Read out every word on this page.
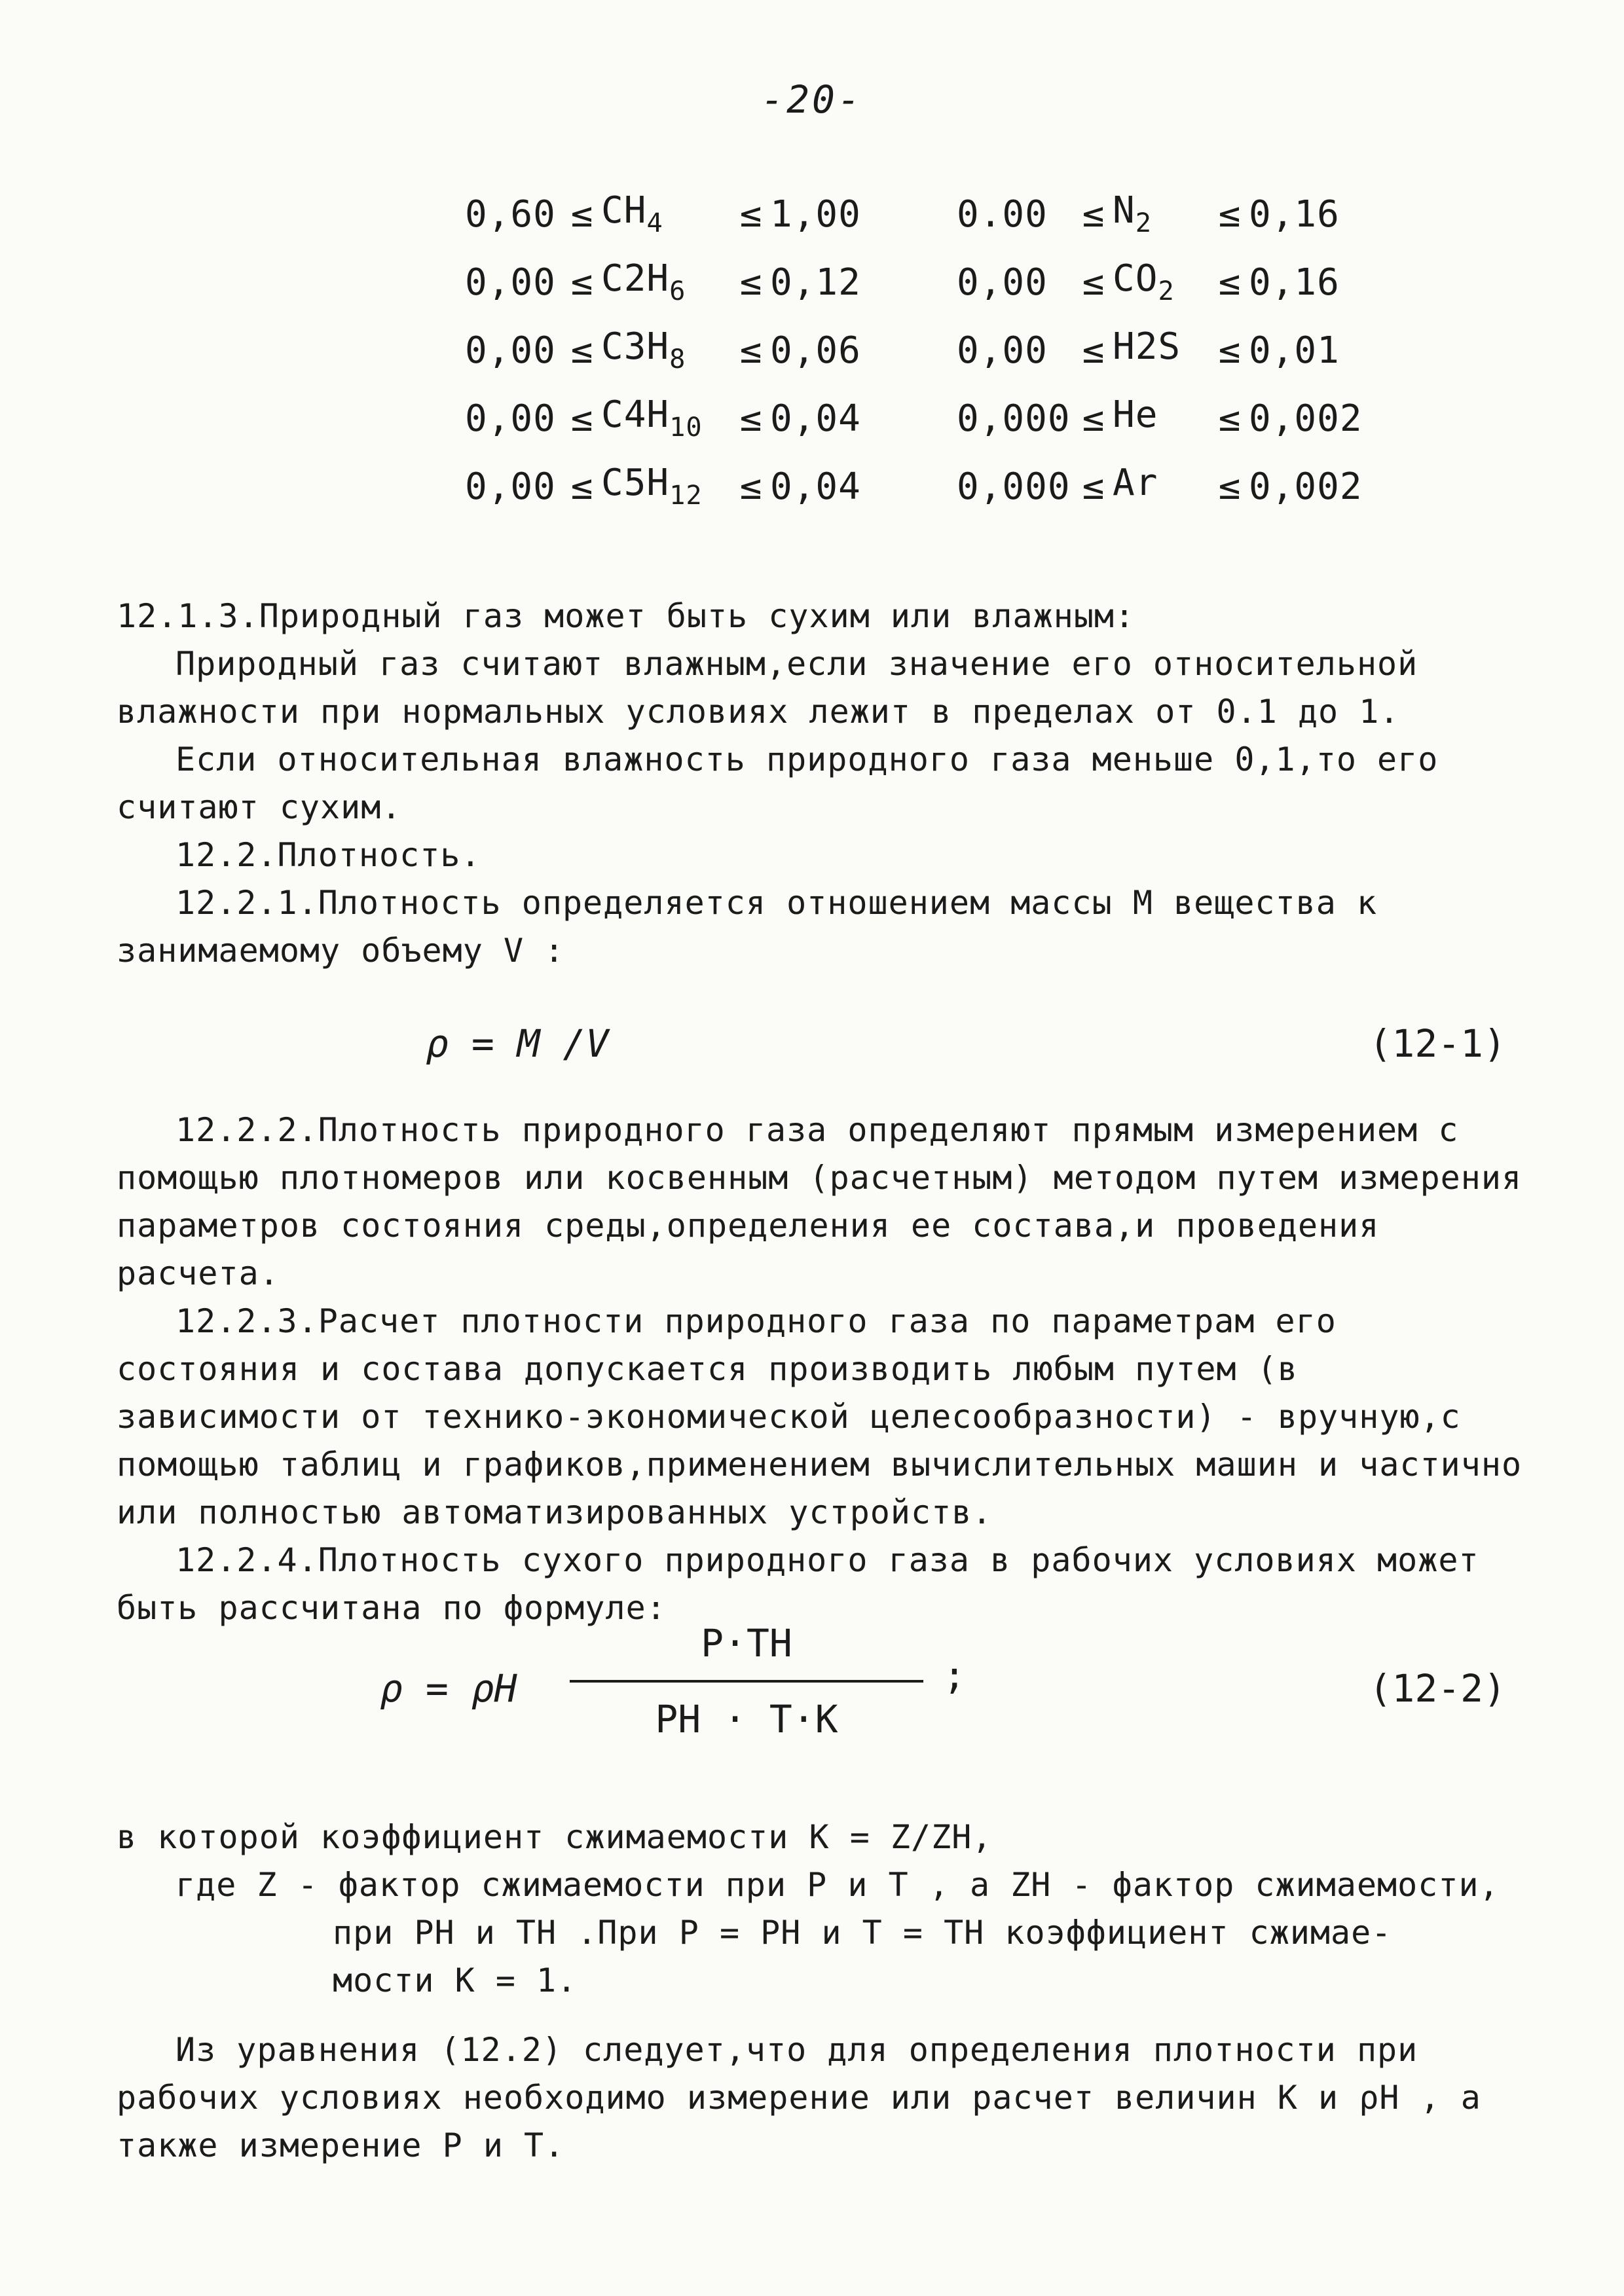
-20-
$0,60 \le CH_4$	≤ 1,00	$0.00 \le N_2$	≤ 0,16
$0,00 \le C2H_6$	≤ 0,12	$0,00 \le CO_2$	≤ 0,16
$0,00 \le C3H_8$	≤ 0,06	0,00 ≤ H2S	≤ 0,01
$0,00 \le C4H_{10}$	≤ 0,04	0,000 ≤ He	≤ 0,002
$0,00 \le C5H_{12}$	≤ 0,04	0,000 ≤ Ar	≤ 0,002

12.1.3.Природный газ может быть сухим или влажным:

Природный газ считают влажным,если значение его относительной влажности при нормальных условиях лежит в пределах от 0.1 до 1.

Если относительная влажность природного газа меньше 0,1,то его считают сухим.

12.2.Плотность.

12.2.1.Плотность определяется отношением массы М вещества к занимаемому объему V :

ρ = M /V	(12-1)

12.2.2.Плотность природного газа определяют прямым измерением с помощью плотномеров или косвенным (расчетным) методом путем измерения параметров состояния среды,определения ее состава,и проведения расчета.

12.2.3.Расчет плотности природного газа по параметрам его состояния и состава допускается производить любым путем (в зависимости от технико-экономической целесообразности) - вручную,с помощью таблиц и графиков,применением вычислительных машин и частично или полностью автоматизированных устройств.

12.2.4.Плотность сухого природного газа в рабочих условиях может быть рассчитана по формуле:

ρ = ρH
P·TH
PH · T·K
;	(12-2)
в которой коэффициент сжимаемости К = Z/ZH,
где Z - фактор сжимаемости при P и T , а ZH - фактор сжимаемости,
при PH и TH .При P = PH и T = TH коэффициент сжимае-
мости К = 1.

Из уравнения (12.2) следует,что для определения плотности при рабочих условиях необходимо измерение или расчет величин К и ρH , а также измерение P и T.
